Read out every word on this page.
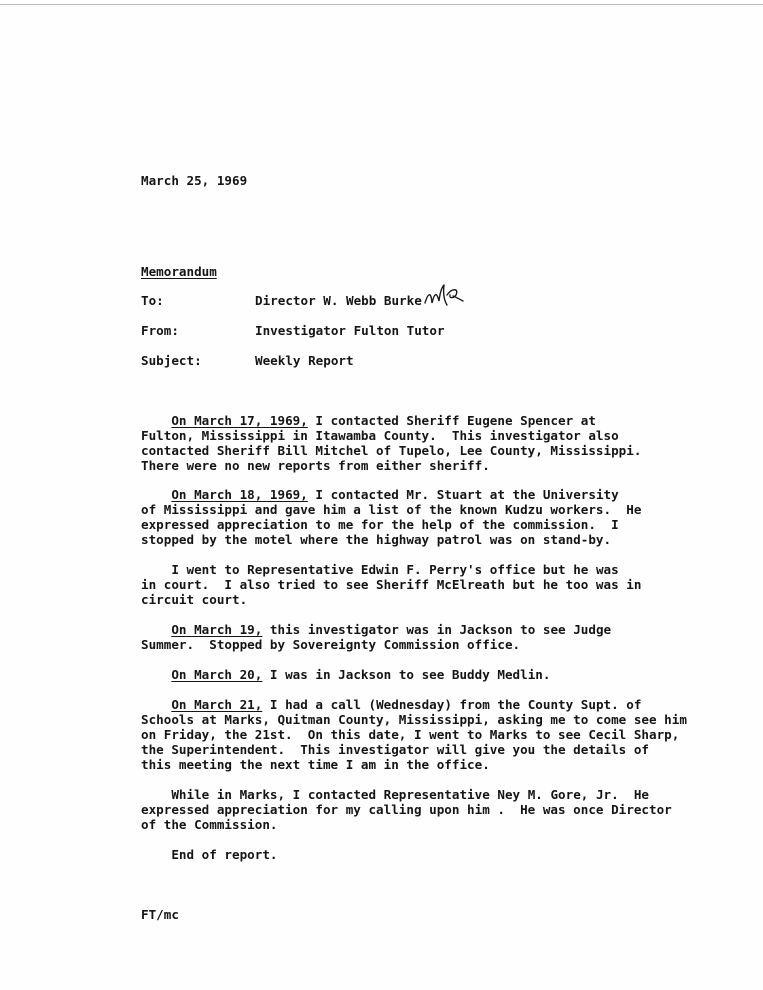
March 25, 1969
Memorandum
To:	Director W. Webb Burke
From:	Investigator Fulton Tutor
Subject:	Weekly Report
On March 17, 1969, I contacted Sheriff Eugene Spencer at
Fulton, Mississippi in Itawamba County.  This investigator also
contacted Sheriff Bill Mitchel of Tupelo, Lee County, Mississippi.
There were no new reports from either sheriff.
On March 18, 1969, I contacted Mr. Stuart at the University
of Mississippi and gave him a list of the known Kudzu workers.  He
expressed appreciation to me for the help of the commission.  I
stopped by the motel where the highway patrol was on stand-by.
I went to Representative Edwin F. Perry's office but he was
in court.  I also tried to see Sheriff McElreath but he too was in
circuit court.
On March 19, this investigator was in Jackson to see Judge
Summer.  Stopped by Sovereignty Commission office.
On March 20, I was in Jackson to see Buddy Medlin.
On March 21, I had a call (Wednesday) from the County Supt. of
Schools at Marks, Quitman County, Mississippi, asking me to come see him
on Friday, the 21st.  On this date, I went to Marks to see Cecil Sharp,
the Superintendent.  This investigator will give you the details of
this meeting the next time I am in the office.
While in Marks, I contacted Representative Ney M. Gore, Jr.  He
expressed appreciation for my calling upon him .  He was once Director
of the Commission.
End of report.
FT/mc
